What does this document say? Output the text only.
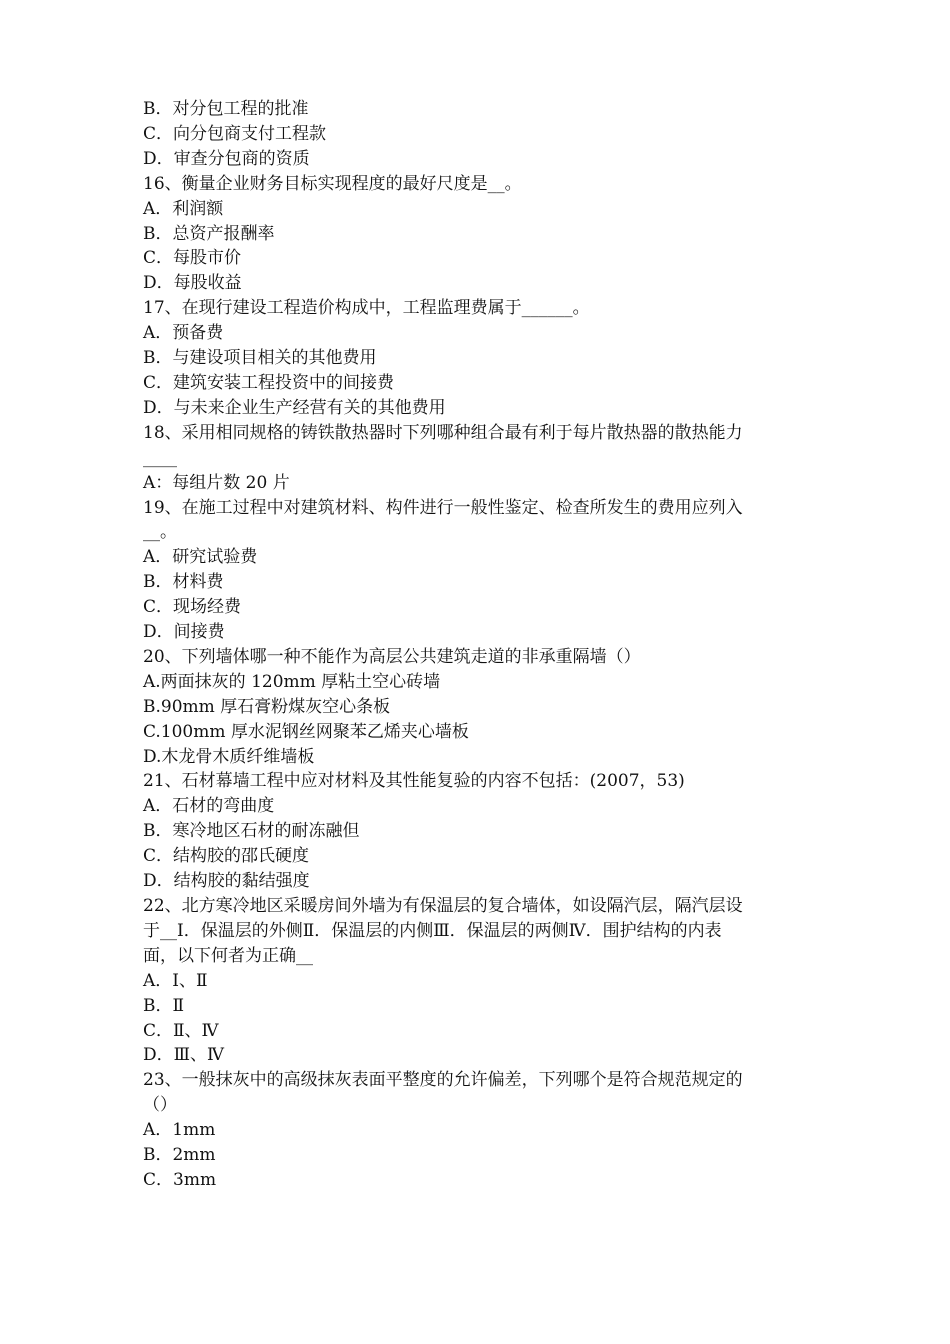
B．对分包工程的批准

C．向分包商支付工程款

D．审查分包商的资质

16、衡量企业财务目标实现程度的最好尺度是__。

A．利润额

B．总资产报酬率

C．每股市价

D．每股收益

17、在现行建设工程造价构成中，工程监理费属于______。

A．预备费

B．与建设项目相关的其他费用

C．建筑安装工程投资中的间接费

D．与未来企业生产经营有关的其他费用

18、采用相同规格的铸铁散热器时下列哪种组合最有利于每片散热器的散热能力

____

A：每组片数 20 片

19、在施工过程中对建筑材料、构件进行一般性鉴定、检查所发生的费用应列入

__。

A．研究试验费

B．材料费

C．现场经费

D．间接费

20、下列墙体哪一种不能作为高层公共建筑走道的非承重隔墙（）

A.两面抹灰的 120mm 厚粘土空心砖墙

B.90mm 厚石膏粉煤灰空心条板

C.100mm 厚水泥钢丝网聚苯乙烯夹心墙板

D.木龙骨木质纤维墙板

21、石材幕墙工程中应对材料及其性能复验的内容不包括：(2007，53)

A．石材的弯曲度

B．寒冷地区石材的耐冻融但

C．结构胶的邵氏硬度

D．结构胶的黏结强度

22、北方寒冷地区采暖房间外墙为有保温层的复合墙体，如设隔汽层，隔汽层设

于__Ⅰ．保温层的外侧Ⅱ．保温层的内侧Ⅲ．保温层的两侧Ⅳ．围护结构的内表

面，以下何者为正确__

A．Ⅰ、Ⅱ

B．Ⅱ

C．Ⅱ、Ⅳ

D．Ⅲ、Ⅳ

23、一般抹灰中的高级抹灰表面平整度的允许偏差，下列哪个是符合规范规定的

（）

A．1mm

B．2mm

C．3mm
